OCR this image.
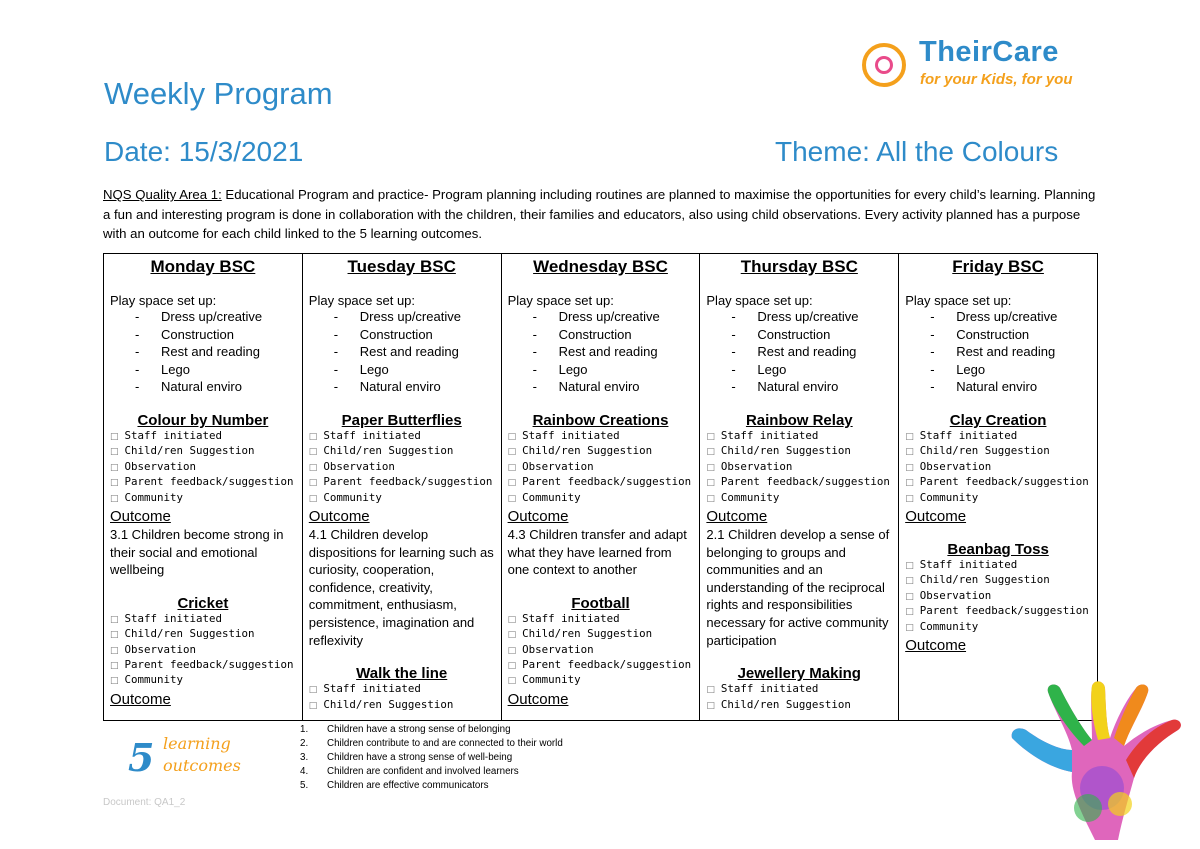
Weekly Program
Date: 15/3/2021	Theme: All the Colours
TheirCare
for your Kids, for you
NQS Quality Area 1: Educational Program and practice- Program planning including routines are planned to maximise the opportunities for every child’s learning. Planning a fun and interesting program is done in collaboration with the children, their families and educators, also using child observations. Every activity planned has a purpose with an outcome for each child linked to the 5 learning outcomes.
Monday BSC
Play space set up:
- Dress up/creative
- Construction
- Rest and reading
- Lego
- Natural enviro
Colour by Number
□ Staff initiated
□ Child/ren Suggestion
□ Observation
□ Parent feedback/suggestion
□ Community
Outcome
3.1 Children become strong in their social and emotional wellbeing
Cricket
□ Staff initiated
□ Child/ren Suggestion
□ Observation
□ Parent feedback/suggestion
□ Community
Outcome

Tuesday BSC
Play space set up:
- Dress up/creative
- Construction
- Rest and reading
- Lego
- Natural enviro
Paper Butterflies
□ Staff initiated
□ Child/ren Suggestion
□ Observation
□ Parent feedback/suggestion
□ Community
Outcome
4.1 Children develop dispositions for learning such as curiosity, cooperation, confidence, creativity, commitment, enthusiasm, persistence, imagination and reflexivity
Walk the line
□ Staff initiated
□ Child/ren Suggestion

Wednesday BSC
Play space set up:
- Dress up/creative
- Construction
- Rest and reading
- Lego
- Natural enviro
Rainbow Creations
□ Staff initiated
□ Child/ren Suggestion
□ Observation
□ Parent feedback/suggestion
□ Community
Outcome
4.3 Children transfer and adapt what they have learned from one context to another
Football
□ Staff initiated
□ Child/ren Suggestion
□ Observation
□ Parent feedback/suggestion
□ Community
Outcome

Thursday BSC
Play space set up:
- Dress up/creative
- Construction
- Rest and reading
- Lego
- Natural enviro
Rainbow Relay
□ Staff initiated
□ Child/ren Suggestion
□ Observation
□ Parent feedback/suggestion
□ Community
Outcome
2.1 Children develop a sense of belonging to groups and communities and an understanding of the reciprocal rights and responsibilities necessary for active community participation
Jewellery Making
□ Staff initiated
□ Child/ren Suggestion

Friday BSC
Play space set up:
- Dress up/creative
- Construction
- Rest and reading
- Lego
- Natural enviro
Clay Creation
□ Staff initiated
□ Child/ren Suggestion
□ Observation
□ Parent feedback/suggestion
□ Community
Outcome
Beanbag Toss
□ Staff initiated
□ Child/ren Suggestion
□ Observation
□ Parent feedback/suggestion
□ Community
Outcome
5 learning
outcomes
1. Children have a strong sense of belonging
2. Children contribute to and are connected to their world
3. Children have a strong sense of well-being
4. Children are confident and involved learners
5. Children are effective communicators
Document: QA1_2
